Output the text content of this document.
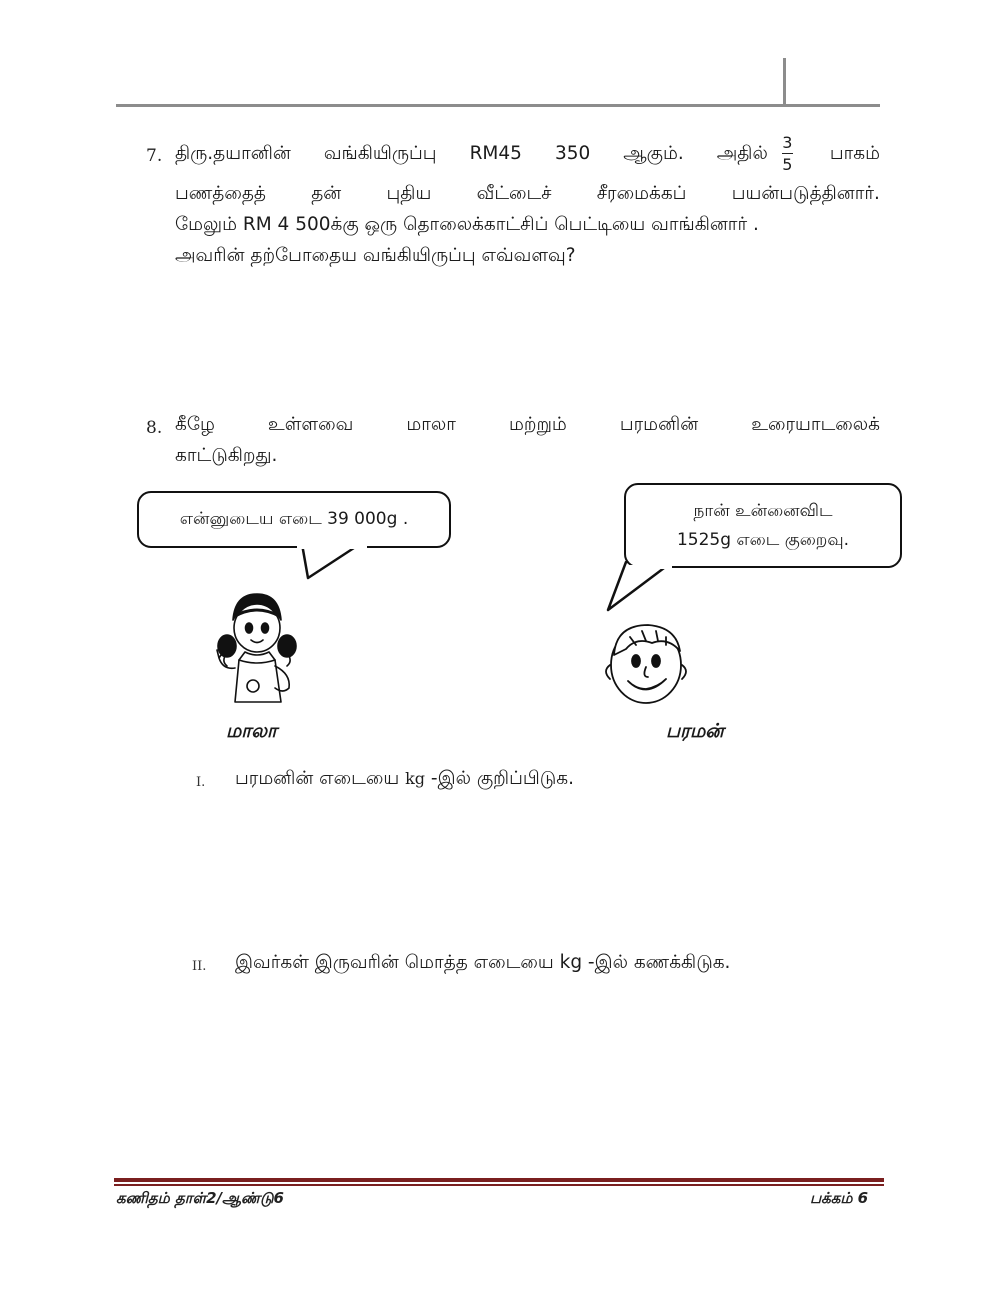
7. திரு.தயானின் வங்கியிருப்பு RM45 350 ஆகும். அதில் $\frac{3}{5}$ பாகம்
பணத்தைத் தன் புதிய வீட்டைச் சீரமைக்கப் பயன்படுத்தினார்.
மேலும் RM 4 500க்கு ஒரு தொலைக்காட்சிப் பெட்டியை வாங்கினார் .
அவரின் தற்போதைய வங்கியிருப்பு எவ்வளவு?
8. கீழே	உள்ளவை	மாலா	மற்றும்	பரமனின்	உரையாடலைக்
காட்டுகிறது.
என்னுடைய எடை 39 000g .	நான் உன்னைவிட
1525g எடை குறைவு.
மாலா	பரமன்
I. பரமனின் எடையை kg -இல் குறிப்பிடுக.
II. இவர்கள் இருவரின் மொத்த எடையை kg -இல் கணக்கிடுக.
கணிதம் தாள்2/ஆண்டு6	பக்கம் 6
